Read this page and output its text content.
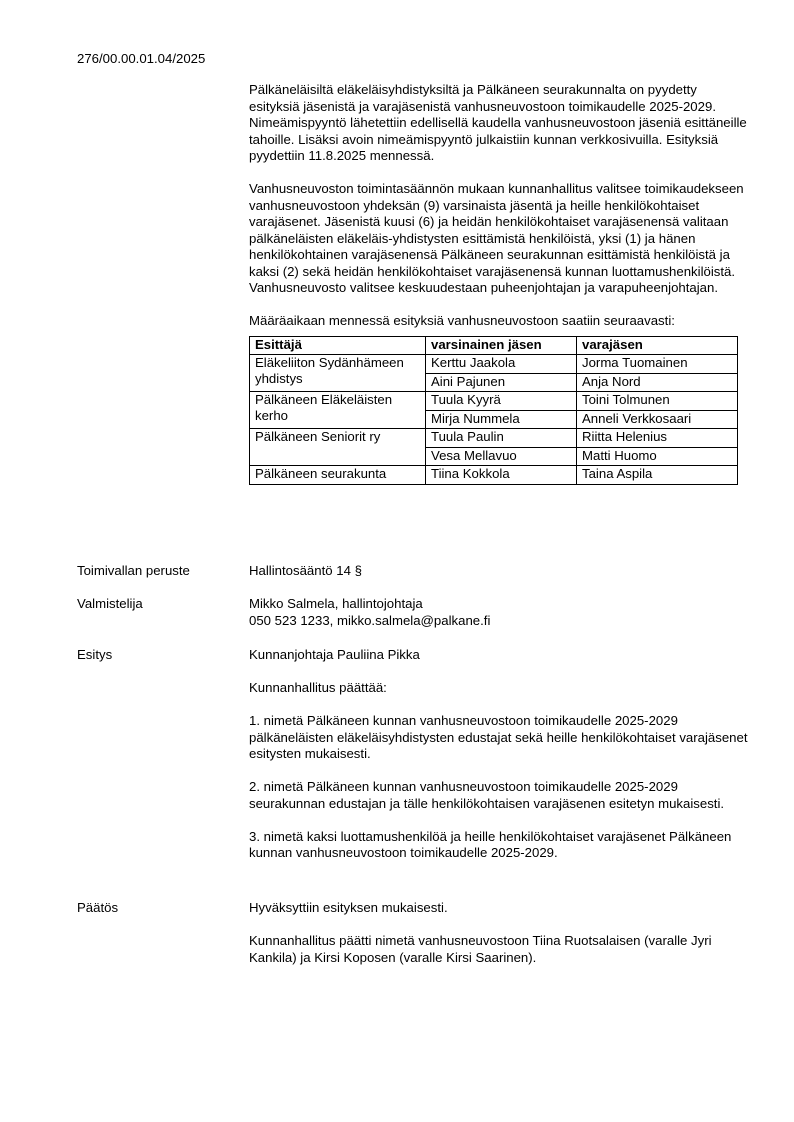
276/00.00.01.04/2025

Pälkäneläisiltä eläkeläisyhdistyksiltä ja Pälkäneen seurakunnalta on pyydetty esityksiä jäsenistä ja varajäsenistä vanhusneuvostoon toimikaudelle 2025-2029. Nimeämispyyntö lähetettiin edellisellä kaudella vanhusneuvostoon jäseniä esittäneille tahoille. Lisäksi avoin nimeämispyyntö julkaistiin kunnan verkkosivuilla. Esityksiä pyydettiin 11.8.2025 mennessä.

Vanhusneuvoston toimintasäännön mukaan kunnanhallitus valitsee toimikaudekseen vanhusneuvostoon yhdeksän (9) varsinaista jäsentä ja heille henkilökohtaiset varajäsenet. Jäsenistä kuusi (6) ja heidän henkilökohtaiset varajäsenensä valitaan pälkäneläisten eläkeläis-yhdistysten esittämistä henkilöistä, yksi (1) ja hänen henkilökohtainen varajäsenensä Pälkäneen seurakunnan esittämistä henkilöistä ja kaksi (2) sekä heidän henkilökohtaiset varajäsenensä kunnan luottamushenkilöistä. Vanhusneuvosto valitsee keskuudestaan puheenjohtajan ja varapuheenjohtajan.

Määräaikaan mennessä esityksiä vanhusneuvostoon saatiin seuraavasti:

Esittäjä	varsinainen jäsen	varajäsen
Eläkeliiton Sydänhämeen yhdistys	Kerttu Jaakola	Jorma Tuomainen
	Aini Pajunen	Anja Nord
Pälkäneen Eläkeläisten kerho	Tuula Kyyrä	Toini Tolmunen
	Mirja Nummela	Anneli Verkkosaari
Pälkäneen Seniorit ry	Tuula Paulin	Riitta Helenius
	Vesa Mellavuo	Matti Huomo
Pälkäneen seurakunta	Tiina Kokkola	Taina Aspila
Toimivallan peruste	Hallintosääntö 14 §
Valmistelija	Mikko Salmela, hallintojohtaja
050 523 1233, mikko.salmela@palkane.fi
Esitys	Kunnanjohtaja Pauliina Pikka

Kunnanhallitus päättää:

1. nimetä Pälkäneen kunnan vanhusneuvostoon toimikaudelle 2025-2029 pälkäneläisten eläkeläisyhdistysten edustajat sekä heille henkilökohtaiset varajäsenet esitysten mukaisesti.

2. nimetä Pälkäneen kunnan vanhusneuvostoon toimikaudelle 2025-2029 seurakunnan edustajan ja tälle henkilökohtaisen varajäsenen esitetyn mukaisesti.

3. nimetä kaksi luottamushenkilöä ja heille henkilökohtaiset varajäsenet Pälkäneen kunnan vanhusneuvostoon toimikaudelle 2025-2029.

Päätös	Hyväksyttiin esityksen mukaisesti.

Kunnanhallitus päätti nimetä vanhusneuvostoon Tiina Ruotsalaisen (varalle Jyri Kankila) ja Kirsi Koposen (varalle Kirsi Saarinen).
